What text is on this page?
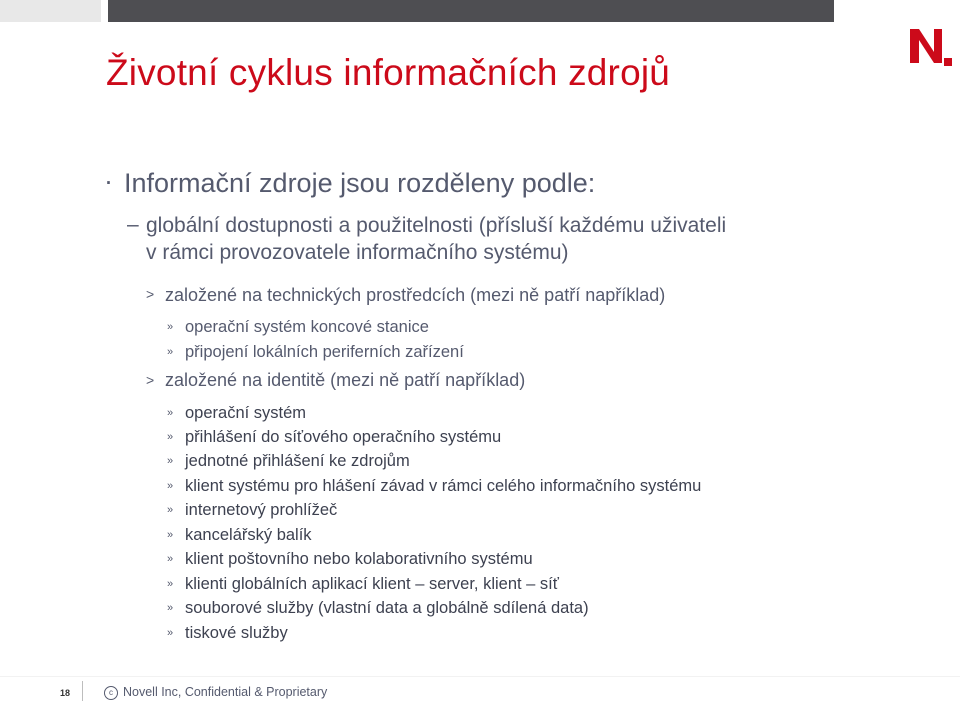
Životní cyklus informačních zdrojů
· Informační zdroje jsou rozděleny podle:
– globální dostupnosti a použitelnosti (přísluší každému uživateli
v rámci provozovatele informačního systému)
> založené na technických prostředcích (mezi ně patří například)
» operační systém koncové stanice
» připojení lokálních periferních zařízení
> založené na identitě (mezi ně patří například)
» operační systém
» přihlášení do síťového operačního systému
» jednotné přihlášení ke zdrojům
» klient systému pro hlášení závad v rámci celého informačního systému
» internetový prohlížeč
» kancelářský balík
» klient poštovního nebo kolaborativního systému
» klienti globálních aplikací klient – server, klient – síť
» souborové služby (vlastní data a globálně sdílená data)
» tiskové služby
18	c Novell Inc, Confidential & Proprietary
